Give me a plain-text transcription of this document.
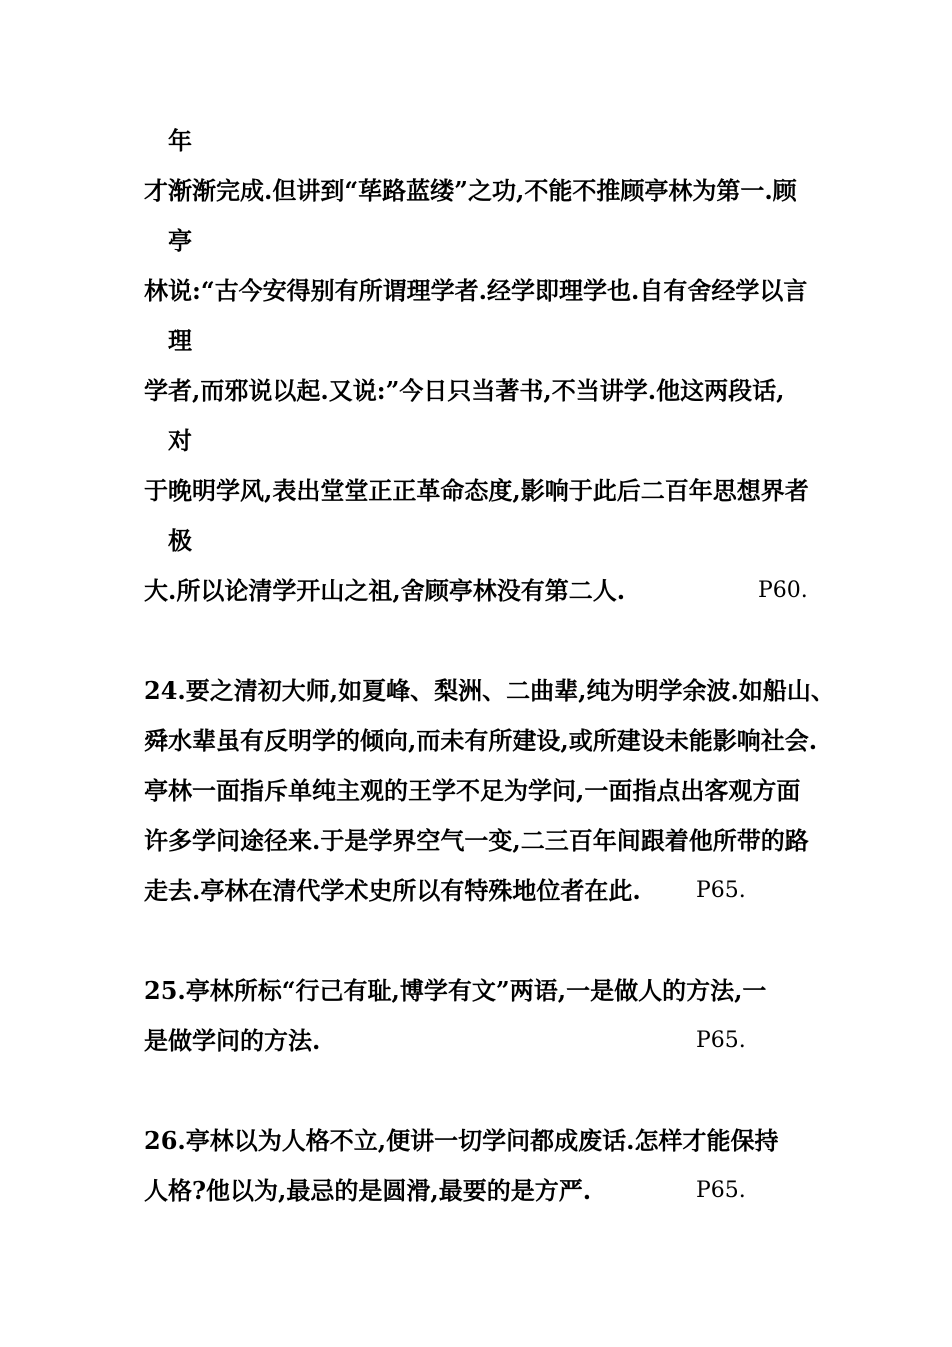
年
才渐渐完成.但讲到“荜路蓝缕”之功,不能不推顾亭林为第一.顾
亭
林说:“古今安得别有所谓理学者.经学即理学也.自有舍经学以言
理
学者,而邪说以起.又说:”今日只当著书,不当讲学.他这两段话,
对
于晚明学风,表出堂堂正正革命态度,影响于此后二百年思想界者
极
大.所以论清学开山之祖,舍顾亭林没有第二人.	P60.
24.要之清初大师,如夏峰、梨洲、二曲辈,纯为明学余波.如船山、
舜水辈虽有反明学的倾向,而未有所建设,或所建设未能影响社会.
亭林一面指斥单纯主观的王学不足为学问,一面指点出客观方面
许多学问途径来.于是学界空气一变,二三百年间跟着他所带的路
走去.亭林在清代学术史所以有特殊地位者在此.	P65.
25.亭林所标“行己有耻,博学有文”两语,一是做人的方法,一
是做学问的方法.	P65.
26.亭林以为人格不立,便讲一切学问都成废话.怎样才能保持
人格?他以为,最忌的是圆滑,最要的是方严.	P65.
